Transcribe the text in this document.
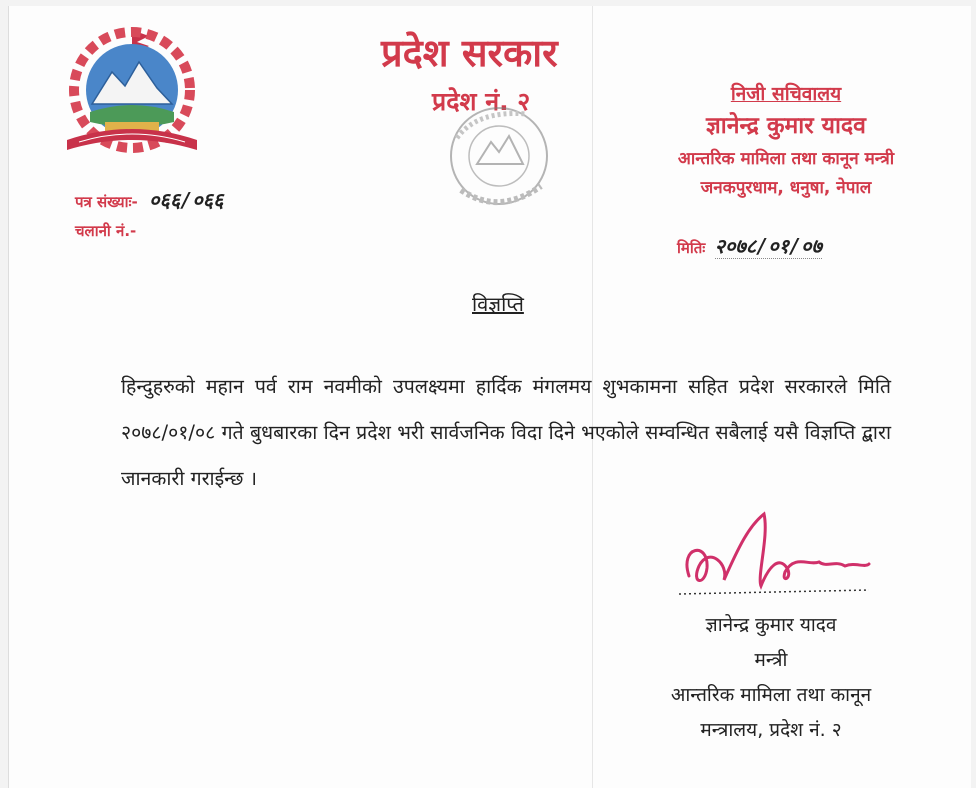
प्रदेश सरकार
प्रदेश नं. २	निजी सचिवालय
ज्ञानेन्द्र कुमार यादव
आन्तरिक मामिला तथा कानून मन्त्री
जनकपुरधाम, धनुषा, नेपाल
पत्र संख्याः- ०६६/०६६
चलानी नं.-
मितिः २०७८/०१/०७
विज्ञप्ति
हिन्दुहरुको महान पर्व राम नवमीको उपलक्ष्यमा हार्दिक मंगलमय शुभकामना सहित प्रदेश सरकारले मिति २०७८/०१/०८ गते बुधबारका दिन प्रदेश भरी सार्वजनिक विदा दिने भएकोले सम्वन्धित सबैलाई यसै विज्ञप्ति द्बारा जानकारी गराईन्छ ।
ज्ञानेन्द्र कुमार यादव
मन्त्री
आन्तरिक मामिला तथा कानून
मन्त्रालय, प्रदेश नं. २
